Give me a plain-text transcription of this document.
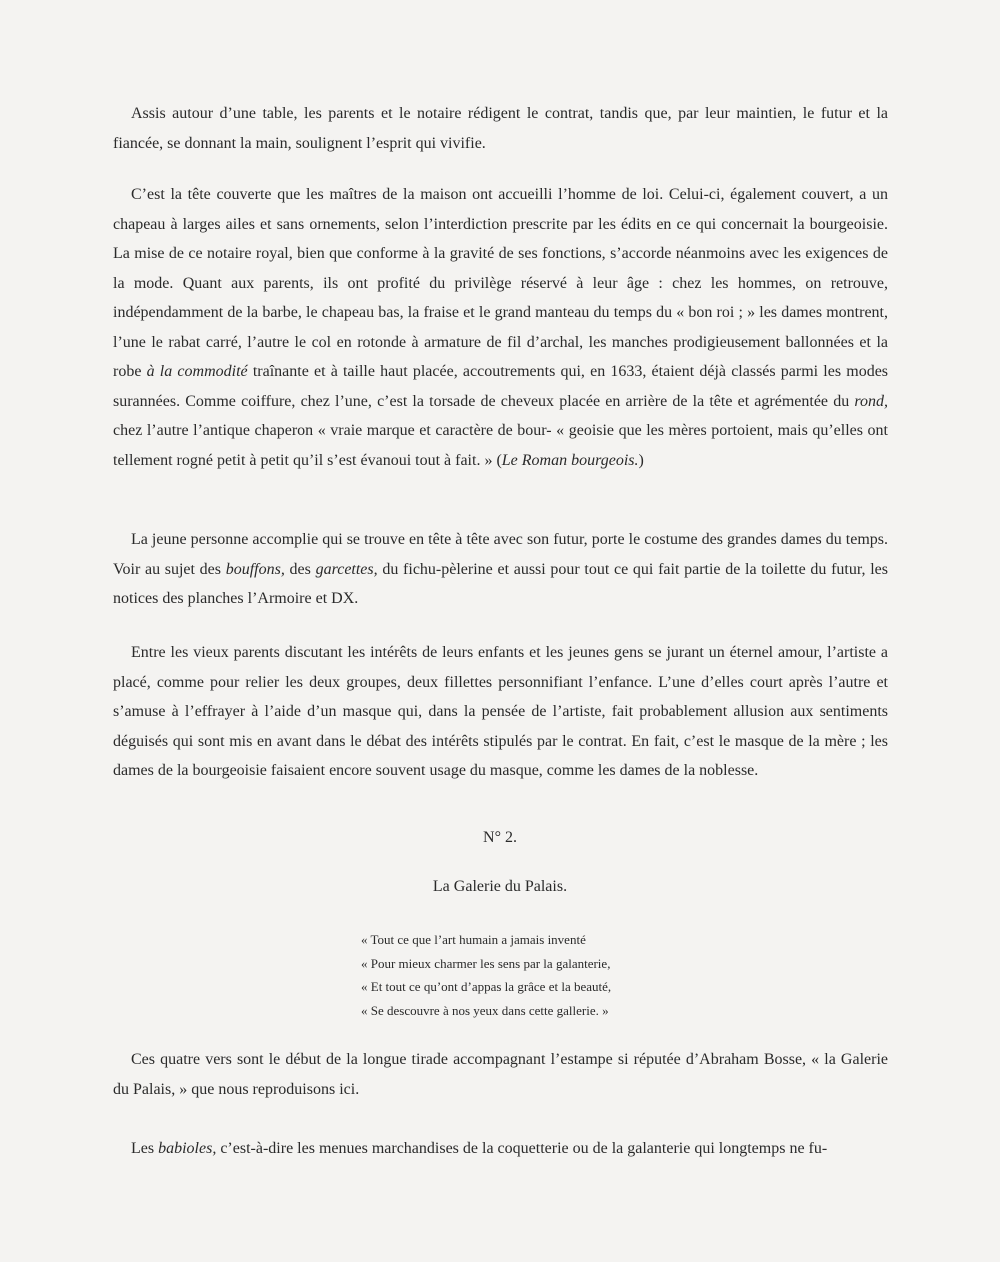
Assis autour d’une table, les parents et le notaire rédigent le contrat, tandis que, par leur maintien, le futur et la fiancée, se donnant la main, soulignent l’esprit qui vivifie.

C’est la tête couverte que les maîtres de la maison ont accueilli l’homme de loi. Celui-ci, également couvert, a un chapeau à larges ailes et sans ornements, selon l’interdiction prescrite par les édits en ce qui concernait la bourgeoisie. La mise de ce notaire royal, bien que conforme à la gravité de ses fonctions, s’accorde néanmoins avec les exigences de la mode. Quant aux parents, ils ont profité du privilège réservé à leur âge : chez les hommes, on retrouve, indépendamment de la barbe, le chapeau bas, la fraise et le grand manteau du temps du « bon roi ; » les dames montrent, l’une le rabat carré, l’autre le col en rotonde à armature de fil d’archal, les manches prodigieusement ballonnées et la robe à la commodité traînante et à taille haut placée, accoutrements qui, en 1633, étaient déjà classés parmi les modes surannées. Comme coiffure, chez l’une, c’est la torsade de cheveux placée en arrière de la tête et agrémentée du rond, chez l’autre l’antique chaperon « vraie marque et caractère de bour- « geoisie que les mères portoient, mais qu’elles ont tellement rogné petit à petit qu’il s’est évanoui tout à fait. » (Le Roman bourgeois.)

La jeune personne accomplie qui se trouve en tête à tête avec son futur, porte le costume des grandes dames du temps. Voir au sujet des bouffons, des garcettes, du fichu-pèlerine et aussi pour tout ce qui fait partie de la toilette du futur, les notices des planches l’Armoire et DX.

Entre les vieux parents discutant les intérêts de leurs enfants et les jeunes gens se jurant un éternel amour, l’artiste a placé, comme pour relier les deux groupes, deux fillettes personnifiant l’enfance. L’une d’elles court après l’autre et s’amuse à l’effrayer à l’aide d’un masque qui, dans la pensée de l’artiste, fait probablement allusion aux sentiments déguisés qui sont mis en avant dans le débat des intérêts stipulés par le contrat. En fait, c’est le masque de la mère ; les dames de la bourgeoisie faisaient encore souvent usage du masque, comme les dames de la noblesse.

N° 2.
La Galerie du Palais.
« Tout ce que l’art humain a jamais inventé
« Pour mieux charmer les sens par la galanterie,
« Et tout ce qu’ont d’appas la grâce et la beauté,
« Se descouvre à nos yeux dans cette gallerie. »

Ces quatre vers sont le début de la longue tirade accompagnant l’estampe si réputée d’Abraham Bosse, « la Galerie du Palais, » que nous reproduisons ici.

Les babioles, c’est-à-dire les menues marchandises de la coquetterie ou de la galanterie qui longtemps ne fu-
